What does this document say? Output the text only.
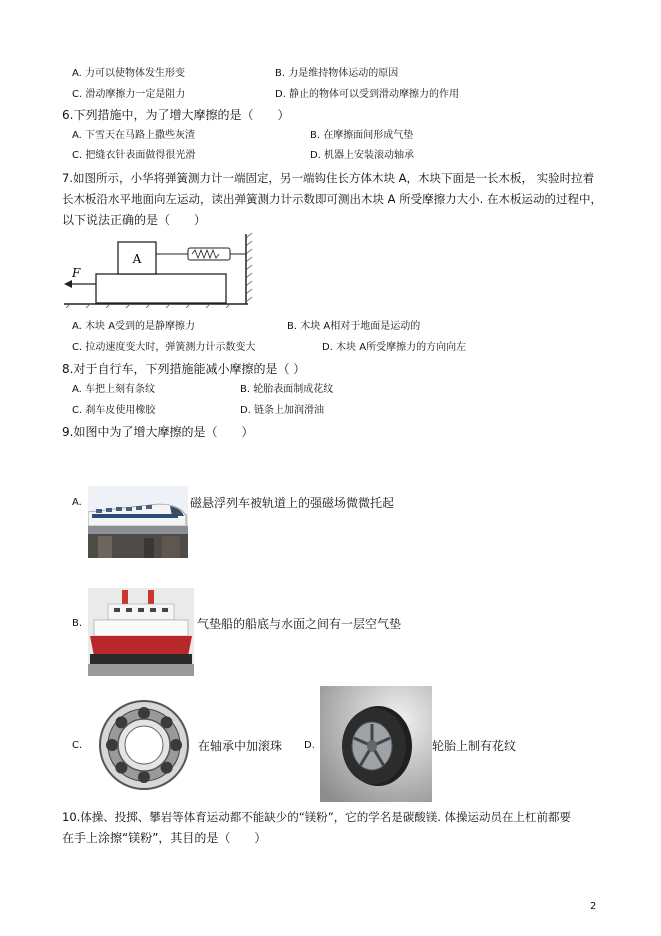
A. 力可以使物体发生形变	B. 力是维持物体运动的原因
C. 滑动摩擦力一定是阻力	D. 静止的物体可以受到滑动摩擦力的作用
6.下列措施中，为了增大摩擦的是（　　）
A. 下雪天在马路上撒些灰渣	B. 在摩擦面间形成气垫
C. 把缝衣针表面做得很光滑	D. 机器上安装滚动轴承
7.如图所示，小华将弹簧测力计一端固定，另一端钩住长方体木块 A，木块下面是一长木板， 实验时拉着
长木板沿水平地面向左运动，读出弹簧测力计示数即可测出木块 A 所受摩擦力大小. 在木板运动的过程中，
以下说法正确的是（　　）
A
F
A. 木块 A受到的是静摩擦力	B. 木块 A相对于地面是运动的
C. 拉动速度变大时，弹簧测力计示数变大	D. 木块 A所受摩擦力的方向向左
8.对于自行车，下列措施能减小摩擦的是（ ）
A. 车把上刻有条纹	B. 轮胎表面制成花纹
C. 刹车皮使用橡胶	D. 链条上加润滑油
9.如图中为了增大摩擦的是（　　）
A.	磁悬浮列车被轨道上的强磁场微微托起
B.	气垫船的船底与水面之间有一层空气垫
C.	在轴承中加滚珠 D.	轮胎上制有花纹
10.体操、投掷、攀岩等体育运动都不能缺少的“镁粉”，它的学名是碳酸镁. 体操运动员在上杠前都要
在手上涂擦“镁粉”，其目的是（　　）
2
